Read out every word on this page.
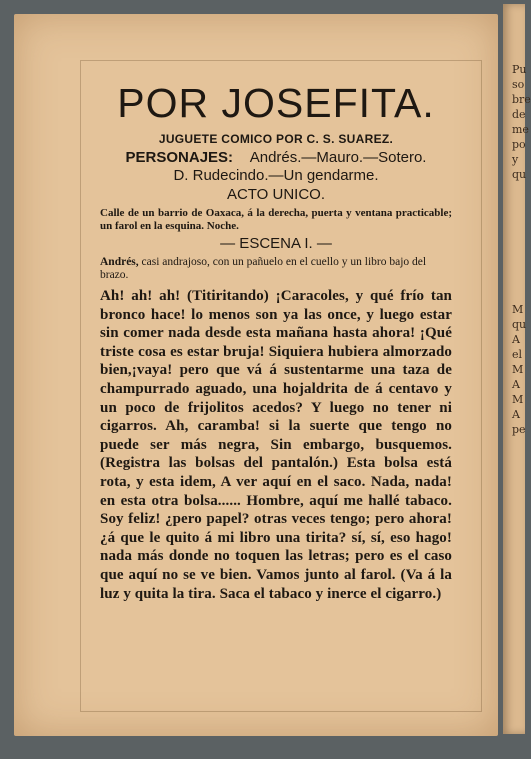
Pu
so
bre
de
me
po
y
qu
M
qu
A
el
M
A
M
A
pe
POR JOSEFITA.
JUGUETE COMICO POR C. S. SUAREZ.
PERSONAJES: Andrés.—Mauro.—Sotero.
D. Rudecindo.—Un gendarme.
ACTO UNICO.
Calle de un barrio de Oaxaca, á la derecha, puerta y ventana practicable; un farol en la esquina. Noche.
— ESCENA I. —
Andrés, casi andrajoso, con un pañuelo en el cuello y un libro bajo del brazo.

Ah! ah! ah! (Titiritando) ¡Caracoles, y qué frío tan bronco hace! lo menos son ya las once, y luego estar sin comer nada desde esta mañana hasta ahora! ¡Qué triste cosa es estar bruja! Siquiera hubiera almorzado bien,¡vaya! pero que vá á sustentarme una taza de champurrado aguado, una hojaldrita de á centavo y un poco de frijolitos acedos? Y luego no tener ni cigarros. Ah, caramba! si la suerte que tengo no puede ser más negra, Sin embargo, busquemos. (Registra las bolsas del pantalón.) Esta bolsa está rota, y esta idem, A ver aquí en el saco. Nada, nada! en esta otra bolsa...... Hombre, aquí me hallé tabaco. Soy feliz! ¿pero papel? otras veces tengo; pero ahora! ¿á que le quito á mi libro una tirita? sí, sí, eso hago! nada más donde no toquen las letras; pero es el caso que aquí no se ve bien. Vamos junto al farol. (Va á la luz y quita la tira. Saca el tabaco y inerce el cigarro.)
